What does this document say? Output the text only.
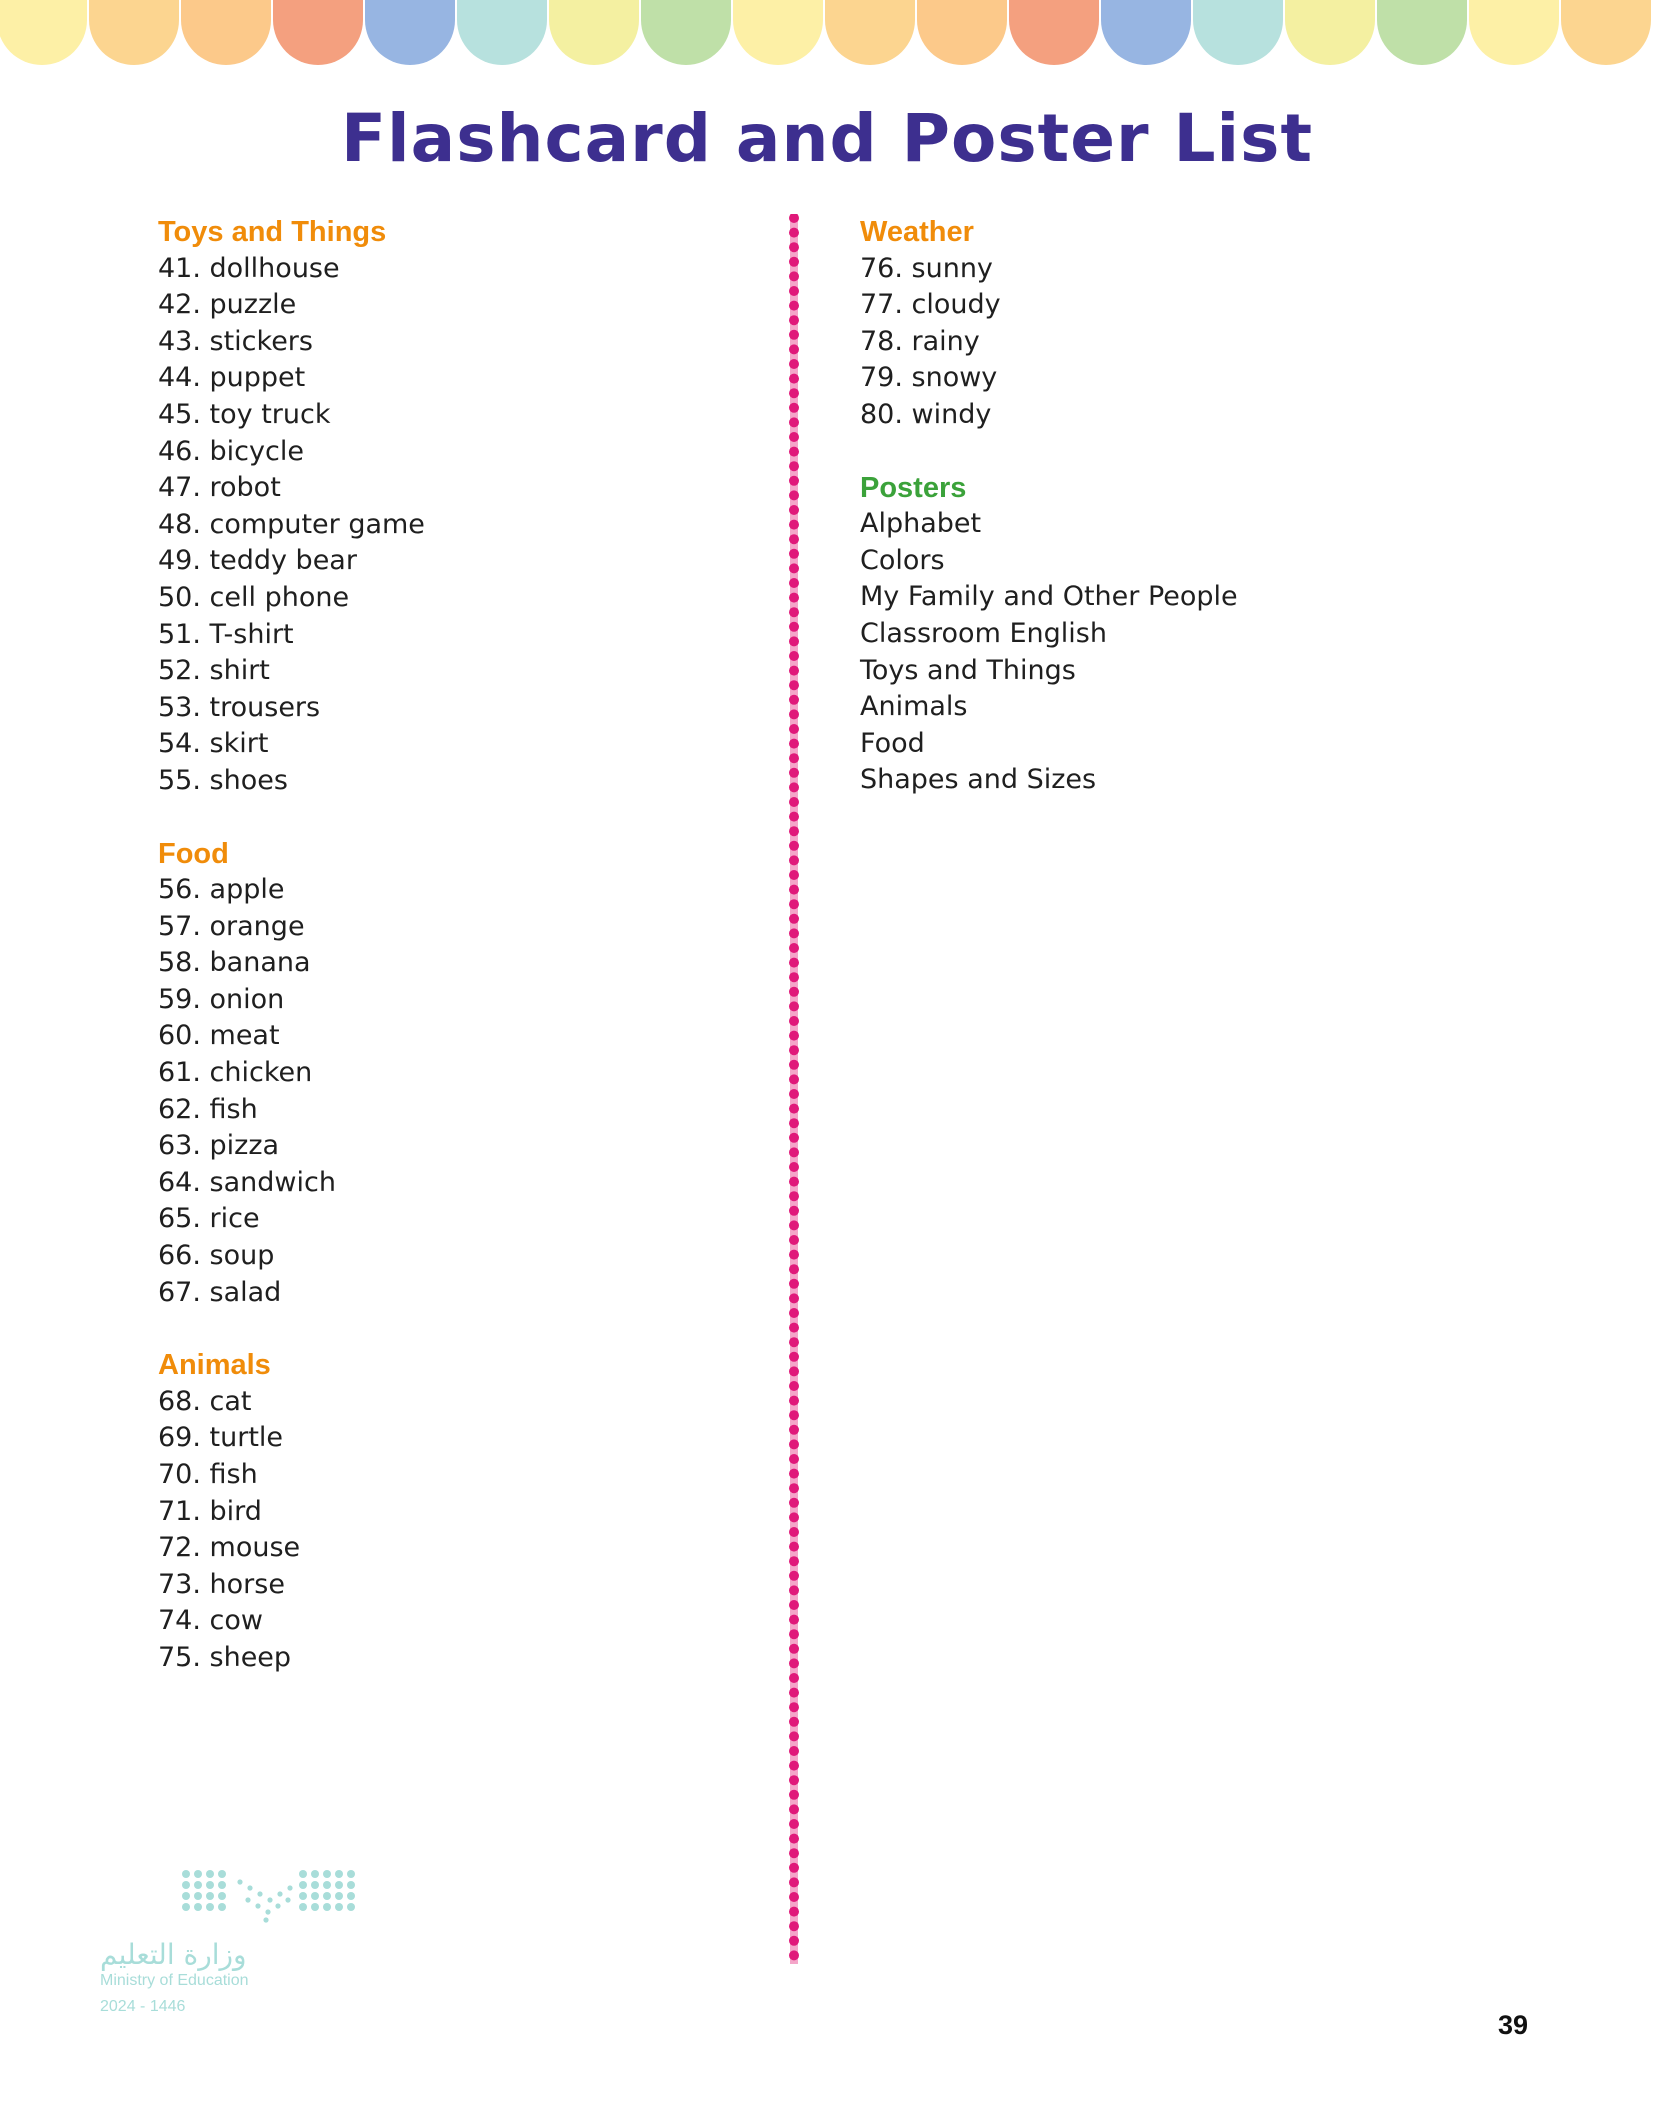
Flashcard and Poster List
Toys and Things
41. dollhouse
42. puzzle
43. stickers
44. puppet
45. toy truck
46. bicycle
47. robot
48. computer game
49. teddy bear
50. cell phone
51. T-shirt
52. shirt
53. trousers
54. skirt
55. shoes
Food
56. apple
57. orange
58. banana
59. onion
60. meat
61. chicken
62. fish
63. pizza
64. sandwich
65. rice
66. soup
67. salad
Animals
68. cat
69. turtle
70. fish
71. bird
72. mouse
73. horse
74. cow
75. sheep
Weather
76. sunny
77. cloudy
78. rainy
79. snowy
80. windy
Posters
Alphabet
Colors
My Family and Other People
Classroom English
Toys and Things
Animals
Food
Shapes and Sizes
وزارة التعليم
Ministry of Education
2024 - 1446
39
